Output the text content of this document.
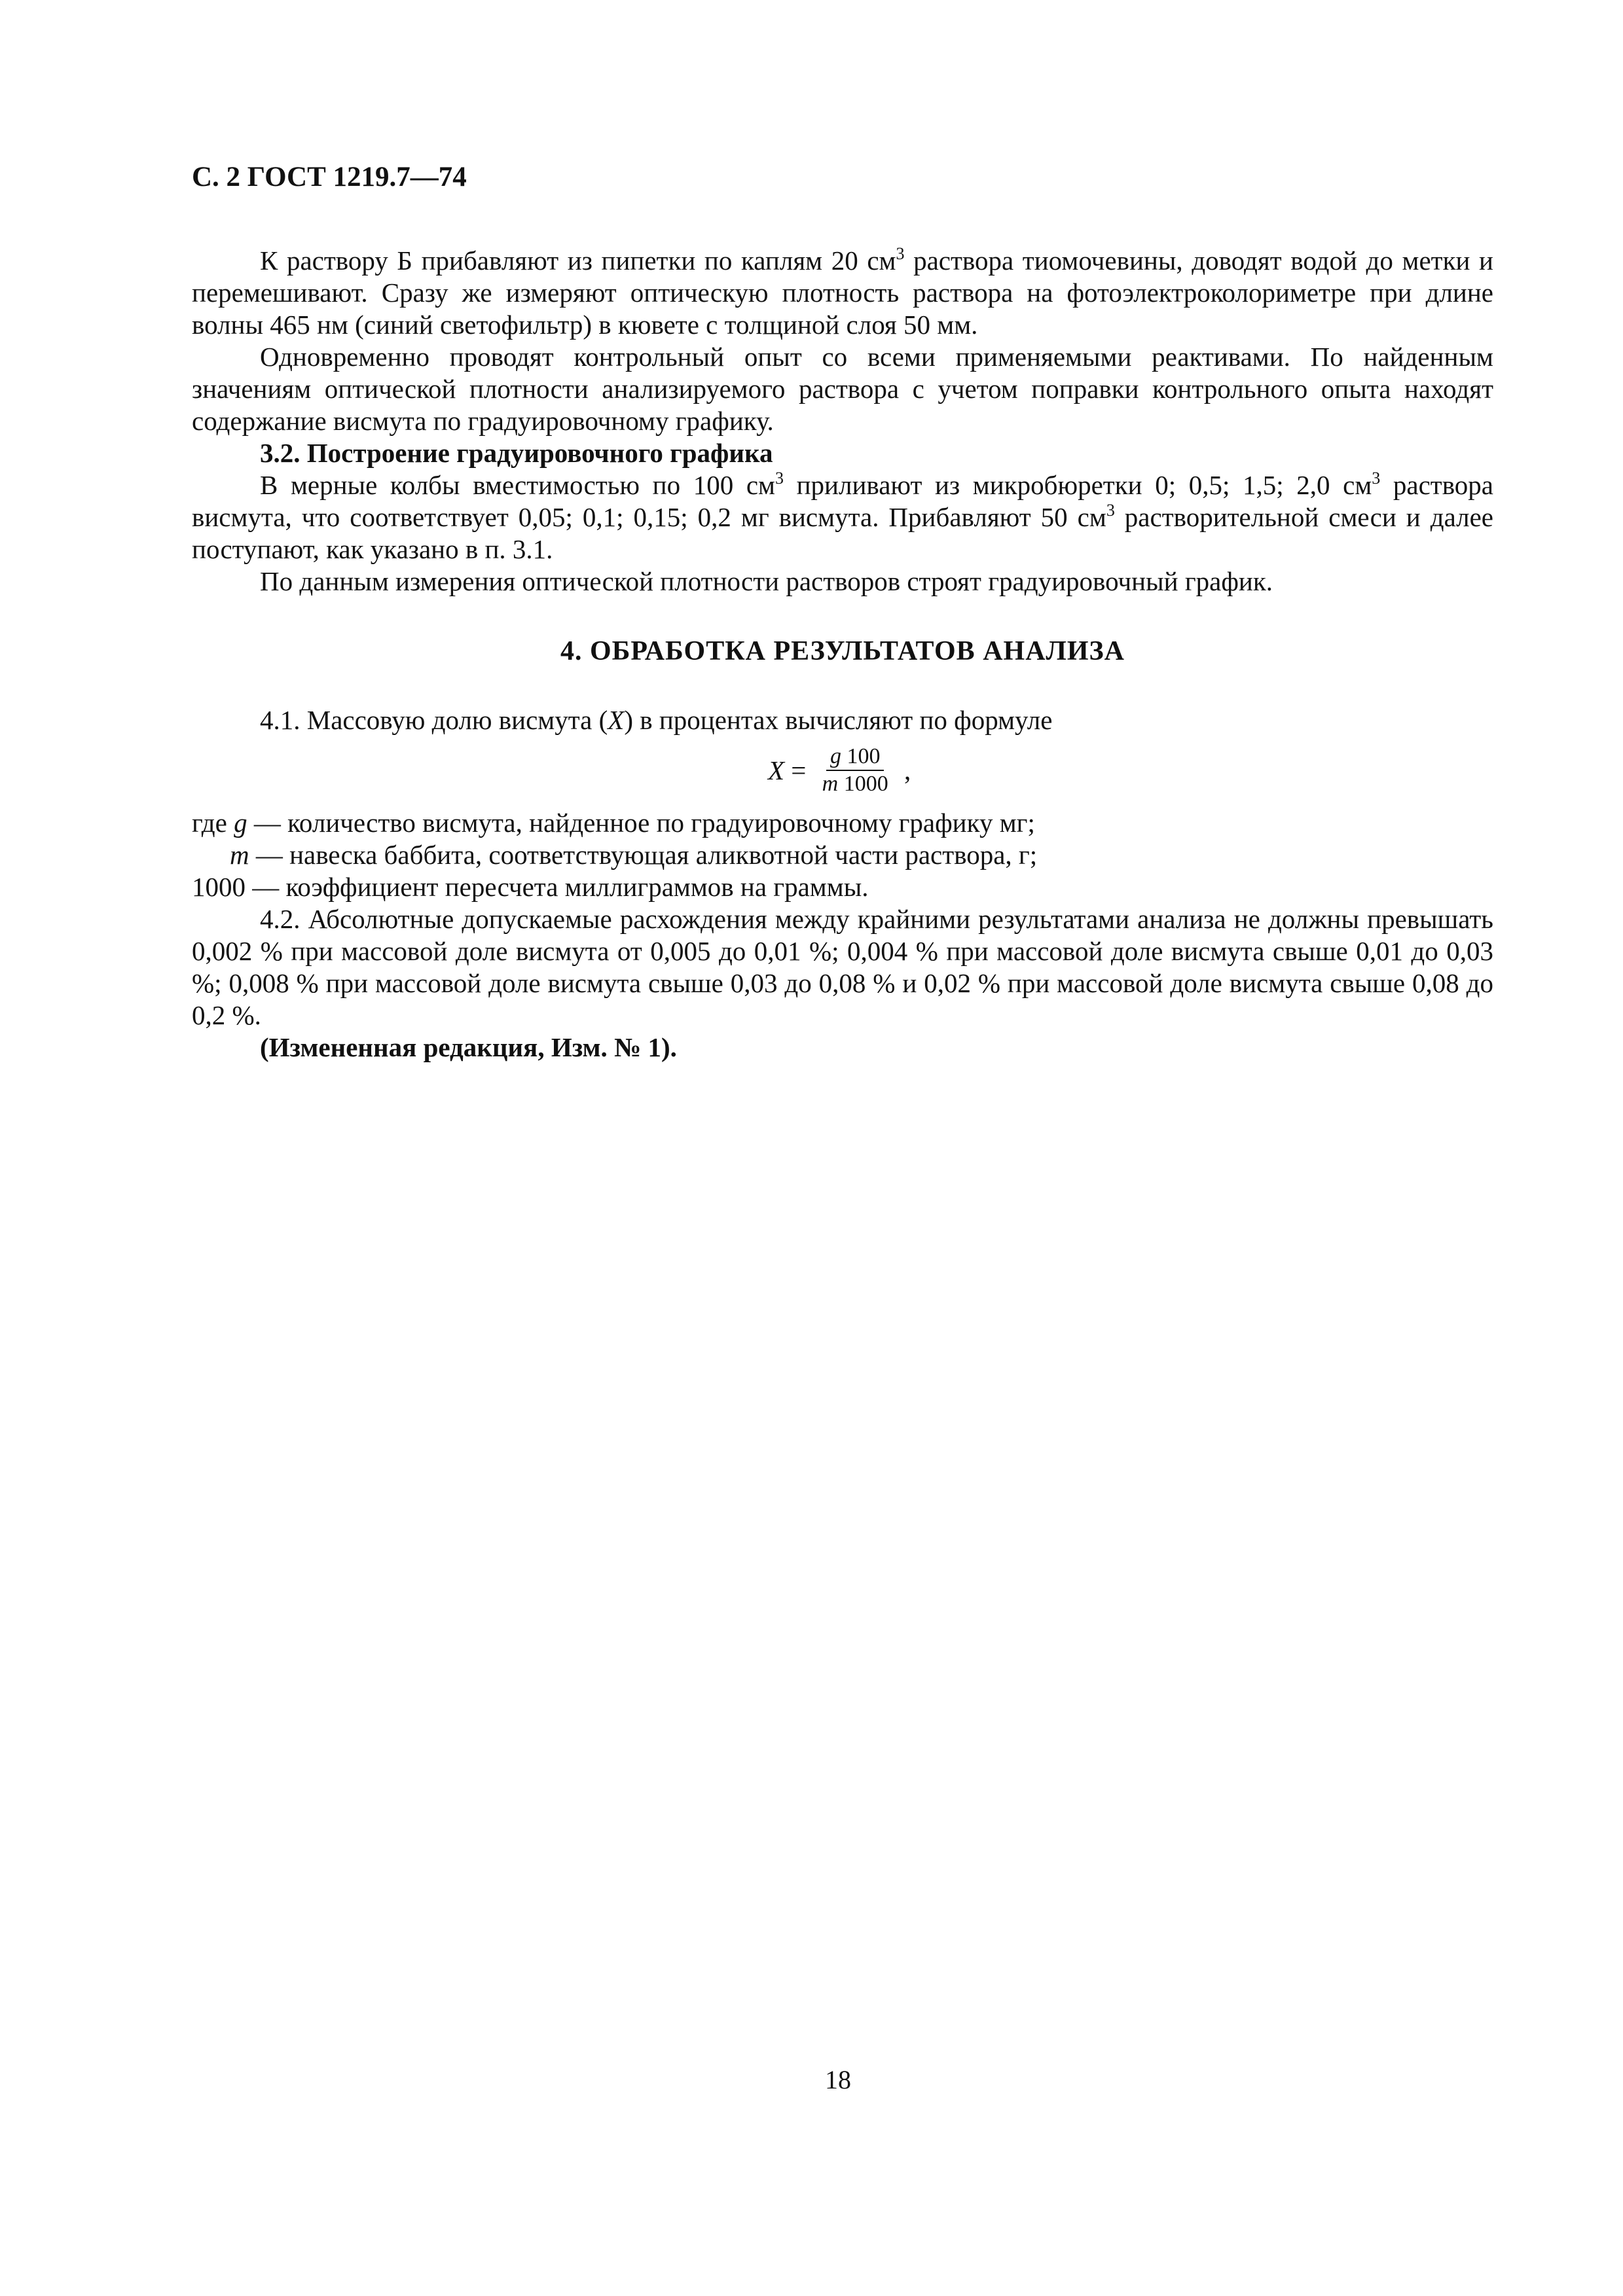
С. 2 ГОСТ 1219.7—74

К раствору Б прибавляют из пипетки по каплям 20 $см^3$ раствора тиомочевины, доводят водой до метки и перемешивают. Сразу же измеряют оптическую плотность раствора на фотоэлектроколориметре при длине волны 465 нм (синий светофильтр) в кювете с толщиной слоя 50 мм.

Одновременно проводят контрольный опыт со всеми применяемыми реактивами. По найденным значениям оптической плотности анализируемого раствора с учетом поправки контрольного опыта находят содержание висмута по градуировочному графику.

3.2. Построение градуировочного графика

В мерные колбы вместимостью по 100 $см^3$ приливают из микробюретки 0; 0,5; 1,5; 2,0 $см^3$ раствора висмута, что соответствует 0,05; 0,1; 0,15; 0,2 мг висмута. Прибавляют 50 $см^3$ растворительной смеси и далее поступают, как указано в п. 3.1.

По данным измерения оптической плотности растворов строят градуировочный график.

4. ОБРАБОТКА РЕЗУЛЬТАТОВ АНАЛИЗА

4.1. Массовую долю висмута (X) в процентах вычисляют по формуле

$X = \frac{g 100}{m 1000}$ ,

где g — количество висмута, найденное по градуировочному графику мг;

m — навеска баббита, соответствующая аликвотной части раствора, г;

1000 — коэффициент пересчета миллиграммов на граммы.

4.2. Абсолютные допускаемые расхождения между крайними результатами анализа не должны превышать 0,002 % при массовой доле висмута от 0,005 до 0,01 %; 0,004 % при массовой доле висмута свыше 0,01 до 0,03 %; 0,008 % при массовой доле висмута свыше 0,03 до 0,08 % и 0,02 % при массовой доле висмута свыше 0,08 до 0,2 %.

(Измененная редакция, Изм. № 1).

18
